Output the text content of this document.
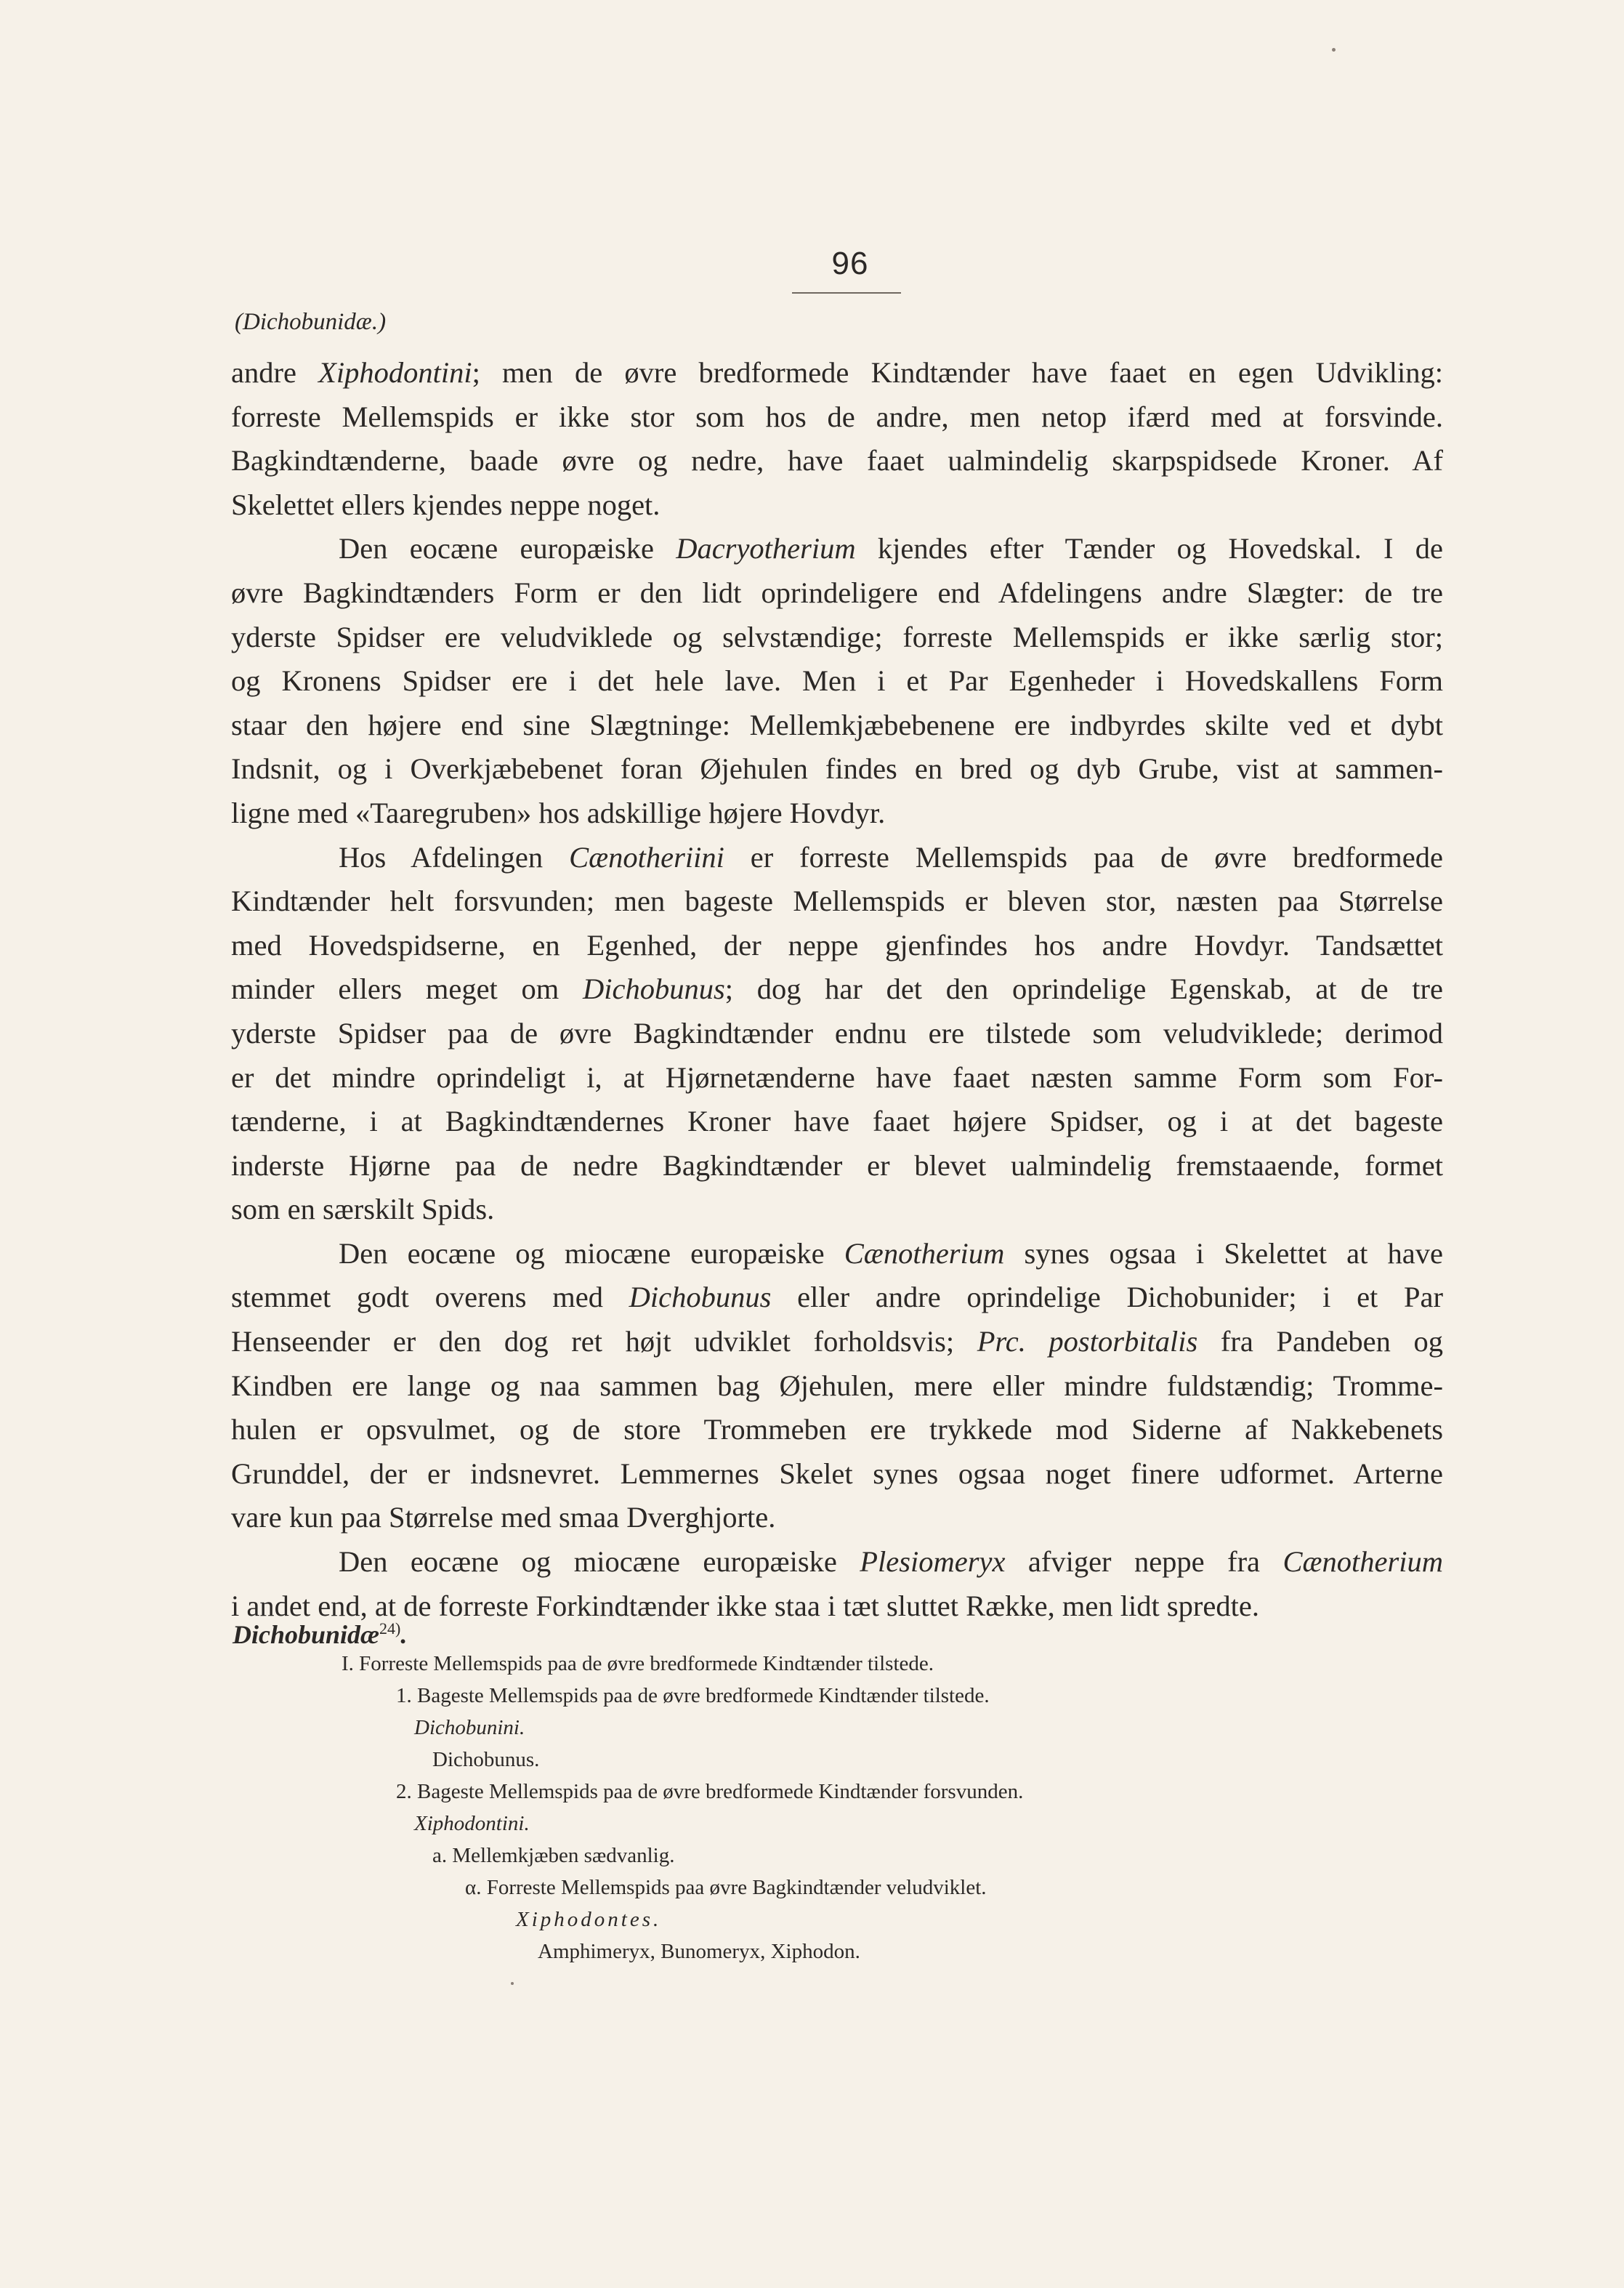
96
(Dichobunidæ.)
andre Xiphodontini; men de øvre bredformede Kindtænder have faaet en egen Udvikling:
forreste Mellemspids er ikke stor som hos de andre, men netop ifærd med at forsvinde.
Bagkindtænderne, baade øvre og nedre, have faaet ualmindelig skarpspidsede Kroner. Af
Skelettet ellers kjendes neppe noget.
Den eocæne europæiske Dacryotherium kjendes efter Tænder og Hovedskal. I de
øvre Bagkindtænders Form er den lidt oprindeligere end Afdelingens andre Slægter: de tre
yderste Spidser ere veludviklede og selvstændige; forreste Mellemspids er ikke særlig stor;
og Kronens Spidser ere i det hele lave. Men i et Par Egenheder i Hovedskallens Form
staar den højere end sine Slægtninge: Mellemkjæbebenene ere indbyrdes skilte ved et dybt
Indsnit, og i Overkjæbebenet foran Øjehulen findes en bred og dyb Grube, vist at sammen-
ligne med «Taaregruben» hos adskillige højere Hovdyr.
Hos Afdelingen Cænotheriini er forreste Mellemspids paa de øvre bredformede
Kindtænder helt forsvunden; men bageste Mellemspids er bleven stor, næsten paa Størrelse
med Hovedspidserne, en Egenhed, der neppe gjenfindes hos andre Hovdyr. Tandsættet
minder ellers meget om Dichobunus; dog har det den oprindelige Egenskab, at de tre
yderste Spidser paa de øvre Bagkindtænder endnu ere tilstede som veludviklede; derimod
er det mindre oprindeligt i, at Hjørnetænderne have faaet næsten samme Form som For-
tænderne, i at Bagkindtændernes Kroner have faaet højere Spidser, og i at det bageste
inderste Hjørne paa de nedre Bagkindtænder er blevet ualmindelig fremstaaende, formet
som en særskilt Spids.
Den eocæne og miocæne europæiske Cænotherium synes ogsaa i Skelettet at have
stemmet godt overens med Dichobunus eller andre oprindelige Dichobunider; i et Par
Henseender er den dog ret højt udviklet forholdsvis; Prc. postorbitalis fra Pandeben og
Kindben ere lange og naa sammen bag Øjehulen, mere eller mindre fuldstændig; Tromme-
hulen er opsvulmet, og de store Trommeben ere trykkede mod Siderne af Nakkebenets
Grunddel, der er indsnevret. Lemmernes Skelet synes ogsaa noget finere udformet. Arterne
vare kun paa Størrelse med smaa Dverghjorte.
Den eocæne og miocæne europæiske Plesiomeryx afviger neppe fra Cænotherium
i andet end, at de forreste Forkindtænder ikke staa i tæt sluttet Række, men lidt spredte.
Dichobunidæ$^{24)}$.
I. Forreste Mellemspids paa de øvre bredformede Kindtænder tilstede.
1. Bageste Mellemspids paa de øvre bredformede Kindtænder tilstede.
Dichobunini.
Dichobunus.
2. Bageste Mellemspids paa de øvre bredformede Kindtænder forsvunden.
Xiphodontini.
a. Mellemkjæben sædvanlig.
α. Forreste Mellemspids paa øvre Bagkindtænder veludviklet.
Xiphodontes.
Amphimeryx, Bunomeryx, Xiphodon.
